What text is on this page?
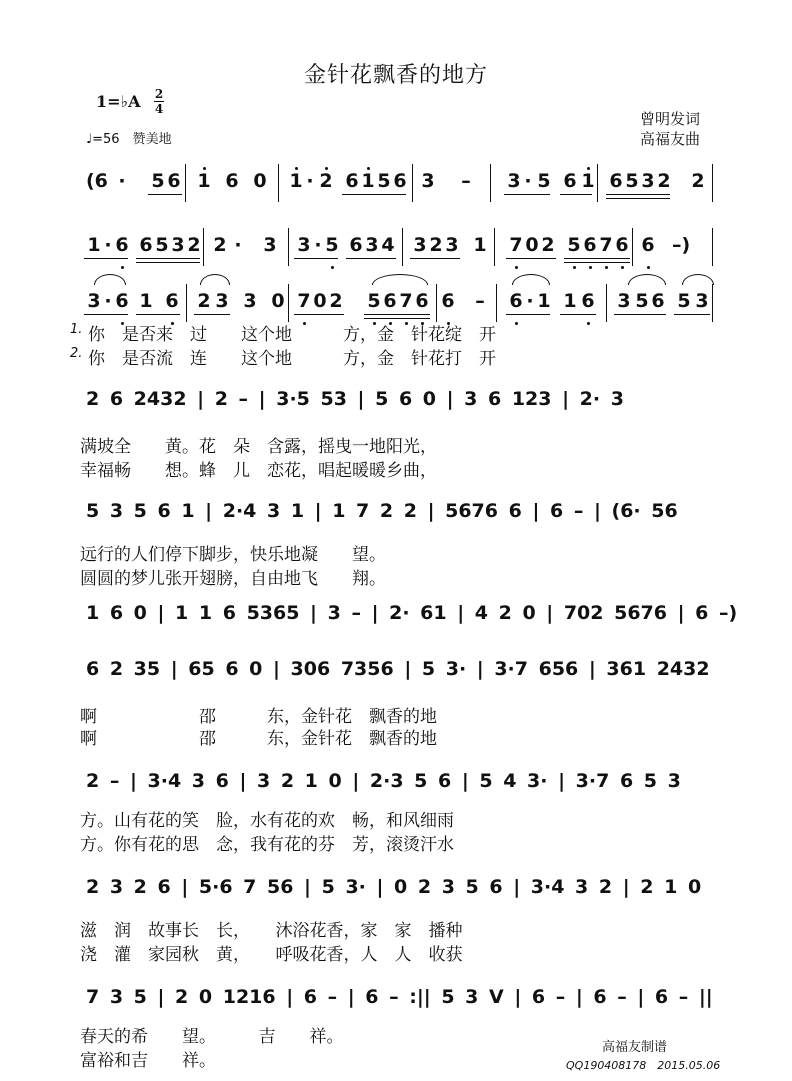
金针花飘香的地方
1=♭A 2
4
♩=56　赞美地
曾明发词
高福友曲
(6 · 5 6 1 6 0 1 · 2 6 1 5 6 3 – 3 · 5 6 1 6 5 3 2 2
1 · 6 6 5 3 2 2 · 3 3 · 5 6 3 4 3 2 3 1 7 0 2 5 6 7 6 6 –)
3 · 6 1 6 2 3 3 0 7 0 2 5 6 7 6 6 – 6 · 1 1 6 3 5 6 5 3
1.
2.
你　是否来　过　　这个地　　　方，金　针花绽　开
你　是否流　连　　这个地　　　方，金　针花打　开
2 6 2432 | 2 – | 3·5 53 | 5 6 0 | 3 6 123 | 2· 3
满坡全　　黄。花　朵　含露，摇曳一地阳光，
幸福畅　　想。蜂　儿　恋花，唱起暖暖乡曲，
5 3 5 6 1 | 2·4 3 1 | 1 7 2 2 | 5676 6 | 6 – | (6· 56
远行的人们停下脚步，快乐地凝　　望。
圆圆的梦儿张开翅膀，自由地飞　　翔。
1 6 0 | 1 1 6 5365 | 3 – | 2· 61 | 4 2 0 | 702 5676 | 6 –)
6 2 35 | 65 6 0 | 306 7356 | 5 3· | 3·7 656 | 361 2432
啊　　　　　　邵　　　东，金针花　飘香的地
啊　　　　　　邵　　　东，金针花　飘香的地
2 – | 3·4 3 6 | 3 2 1 0 | 2·3 5 6 | 5 4 3· | 3·7 6 5 3
方。山有花的笑　脸，水有花的欢　畅，和风细雨
方。你有花的思　念，我有花的芬　芳，滚烫汗水
2 3 2 6 | 5·6 7 56 | 5 3· | 0 2 3 5 6 | 3·4 3 2 | 2 1 0
滋　润　故事长　长，　　沐浴花香，家　家　播种
浇　灌　家园秋　黄，　　呼吸花香，人　人　收获
7 3 5 | 2 0 1216 | 6 – | 6 – :|| 5 3 V | 6 – | 6 – | 6 – ||
春天的希　　望。　　　吉　　祥。
富裕和吉　　祥。
高福友制谱
QQ190408178　2015.05.06
